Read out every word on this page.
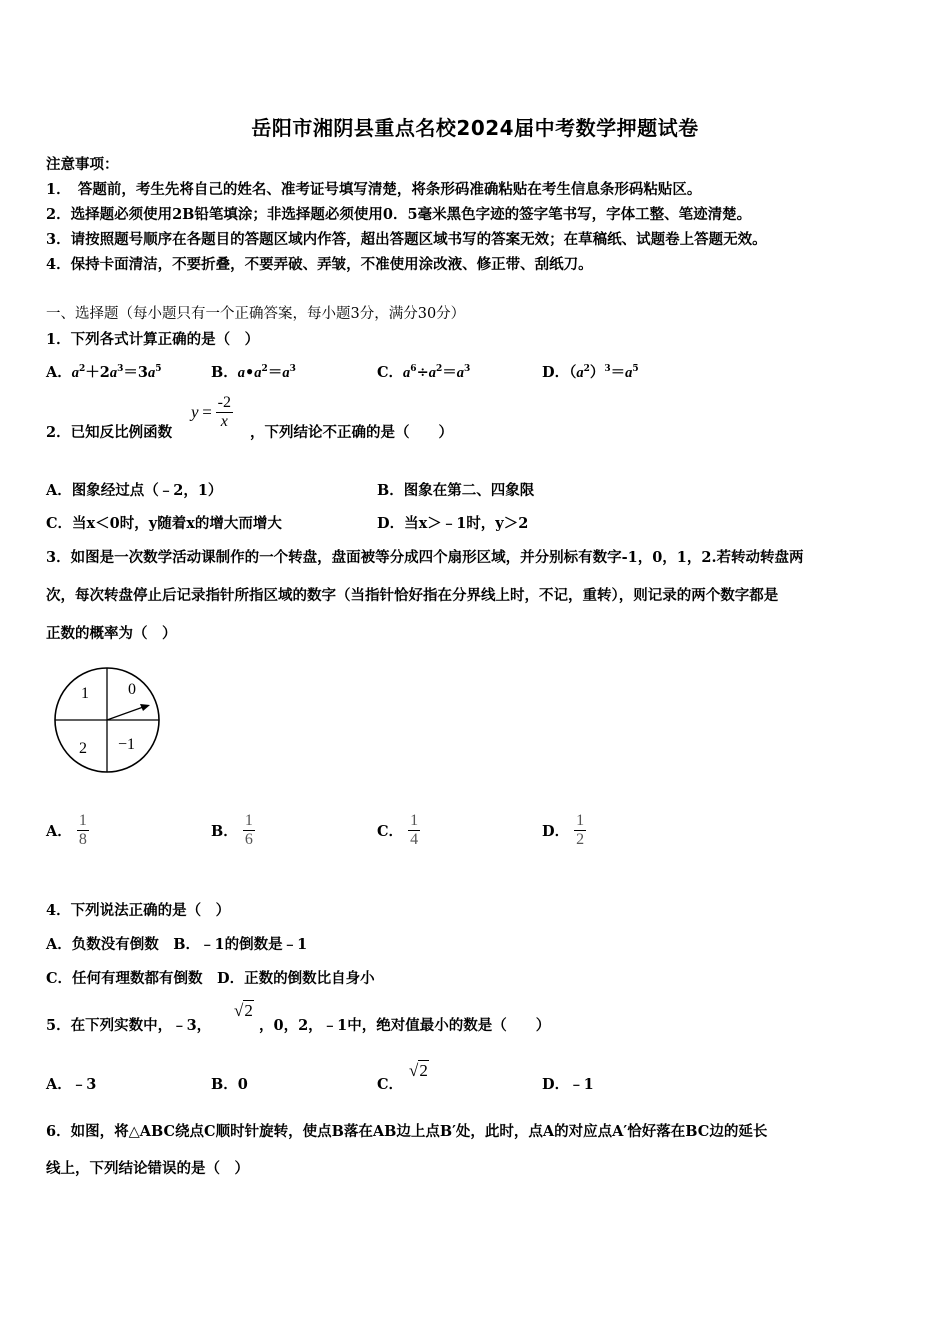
岳阳市湘阴县重点名校2024届中考数学押题试卷
注意事项：
1．　答题前，考生先将自己的姓名、准考证号填写清楚，将条形码准确粘贴在考生信息条形码粘贴区。
2．选择题必须使用2B铅笔填涂；非选择题必须使用0．5毫米黑色字迹的签字笔书写，字体工整、笔迹清楚。
3．请按照题号顺序在各题目的答题区域内作答，超出答题区域书写的答案无效；在草稿纸、试题卷上答题无效。
4．保持卡面清洁，不要折叠，不要弄破、弄皱，不准使用涂改液、修正带、刮纸刀。
一、选择题（每小题只有一个正确答案，每小题3分，满分30分）
1．下列各式计算正确的是（　）
A．$a^2+2a^3=3a^5$	B．$a•a^2=a^3$	C．$a^6\div a^2=a^3$	D．$(a^2)^3=a^5$
2．已知反比例函数
$y = \frac{-2}{x}$
，下列结论不正确的是（　　）
A．图象经过点（﹣2，1）	B．图象在第二、四象限
C．当x＜0时，y随着x的增大而增大	D．当x＞﹣1时，y＞2
3．如图是一次数学活动课制作的一个转盘，盘面被等分成四个扇形区域，并分别标有数字-1，0，1，2.若转动转盘两
次，每次转盘停止后记录指针所指区域的数字（当指针恰好指在分界线上时，不记，重转），则记录的两个数字都是
正数的概率为（　）
1 0
2 −1
A． $\frac{1}{8}$	B． $\frac{1}{6}$	C． $\frac{1}{4}$	D． $\frac{1}{2}$
4．下列说法正确的是（　）
A．负数没有倒数　B．﹣1的倒数是﹣1
C．任何有理数都有倒数　D．正数的倒数比自身小
5．在下列实数中，﹣3，
√2
，0，2，﹣1中，绝对值最小的数是（　　）
A．﹣3	B．0	C．
√2
D．﹣1
6．如图，将△ABC绕点C顺时针旋转，使点B落在AB边上点B′处，此时，点A的对应点A′恰好落在BC边的延长
线上，下列结论错误的是（　）
